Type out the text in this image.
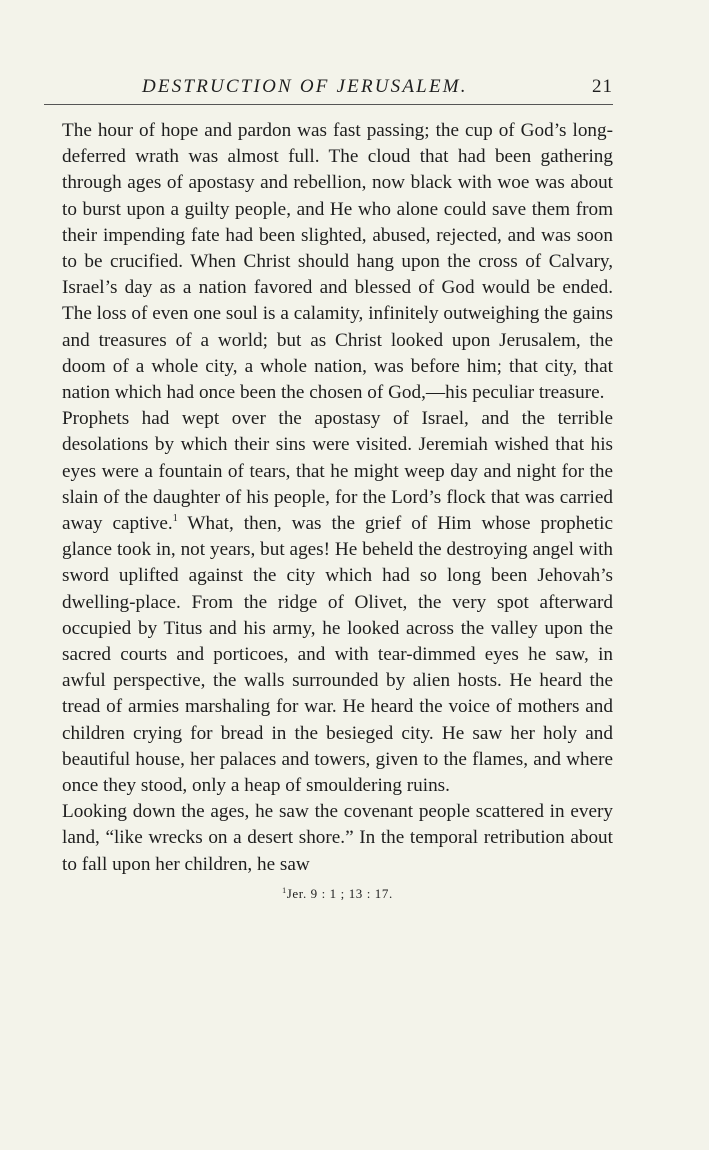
DESTRUCTION OF JERUSALEM.	21

The hour of hope and pardon was fast passing; the cup of God’s long-deferred wrath was almost full. The cloud that had been gathering through ages of apostasy and rebellion, now black with woe was about to burst upon a guilty people, and He who alone could save them from their impending fate had been slighted, abused, rejected, and was soon to be crucified. When Christ should hang upon the cross of Calvary, Israel’s day as a nation favored and blessed of God would be ended. The loss of even one soul is a calamity, infinitely outweighing the gains and treasures of a world; but as Christ looked upon Jerusalem, the doom of a whole city, a whole nation, was before him; that city, that nation which had once been the chosen of God,—his peculiar treasure.

Prophets had wept over the apostasy of Israel, and the terrible desolations by which their sins were visited. Jeremiah wished that his eyes were a fountain of tears, that he might weep day and night for the slain of the daughter of his people, for the Lord’s flock that was carried away captive.$^1$ What, then, was the grief of Him whose prophetic glance took in, not years, but ages! He beheld the destroying angel with sword uplifted against the city which had so long been Jehovah’s dwelling-place. From the ridge of Olivet, the very spot afterward occupied by Titus and his army, he looked across the valley upon the sacred courts and porticoes, and with tear-dimmed eyes he saw, in awful perspective, the walls surrounded by alien hosts. He heard the tread of armies marshaling for war. He heard the voice of mothers and children crying for bread in the besieged city. He saw her holy and beautiful house, her palaces and towers, given to the flames, and where once they stood, only a heap of smouldering ruins.

Looking down the ages, he saw the covenant people scattered in every land, “like wrecks on a desert shore.” In the temporal retribution about to fall upon her children, he saw

$^1$Jer. 9 : 1 ; 13 : 17.
